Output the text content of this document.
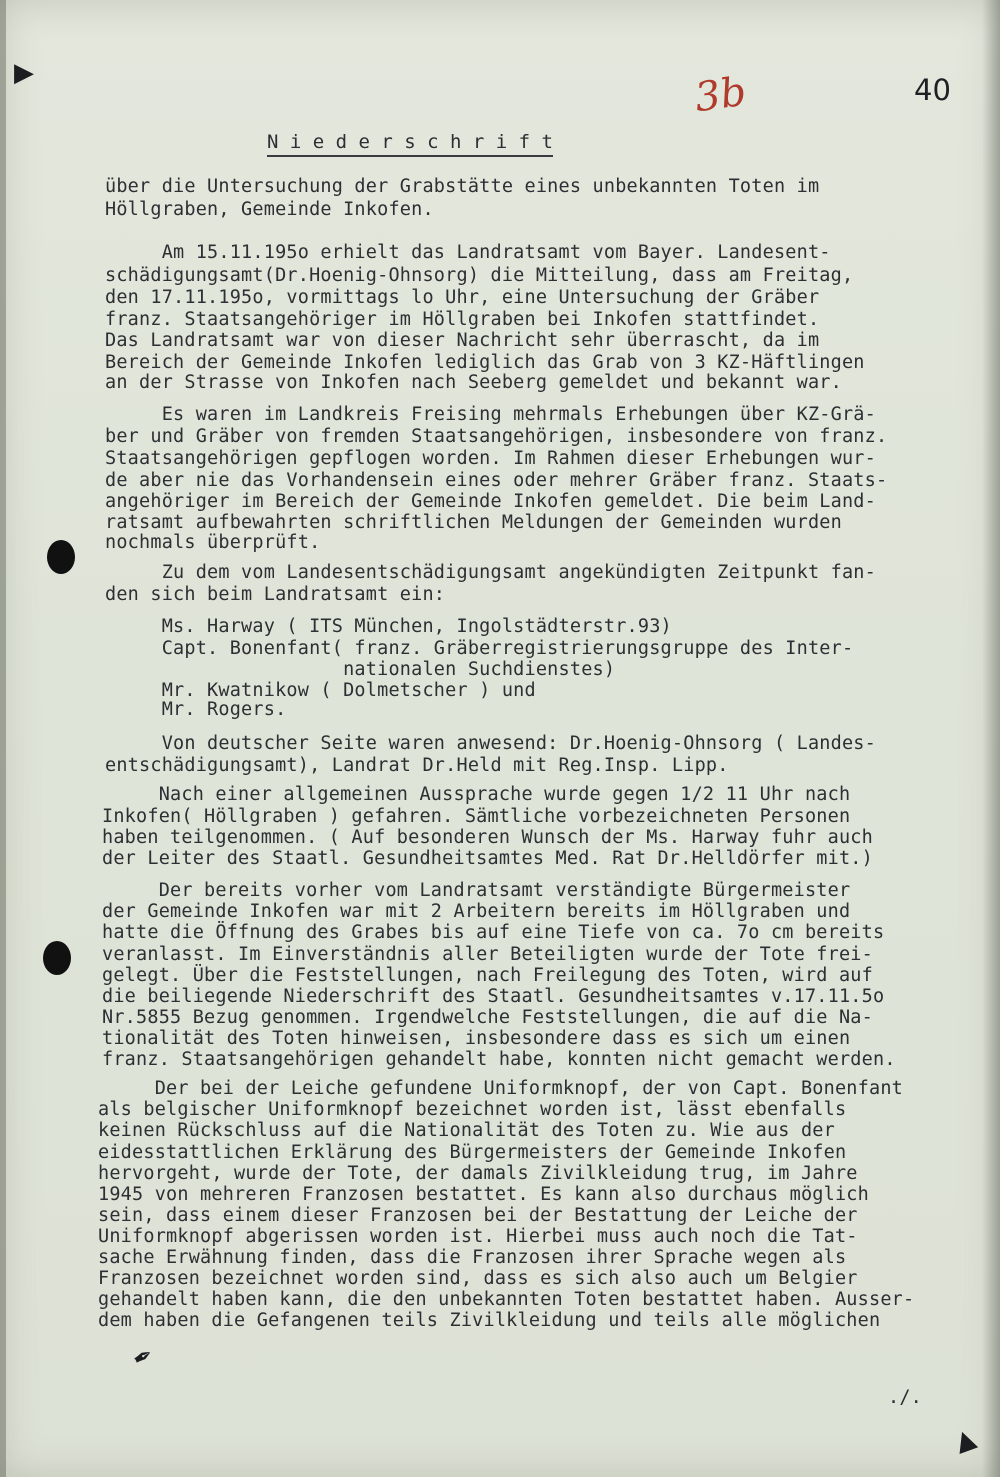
▶
✒
▲
3b	40
N i e d e r s c h r i f t

über die Untersuchung der Grabstätte eines unbekannten Toten im

Höllgraben, Gemeinde Inkofen.

Am 15.11.195o erhielt das Landratsamt vom Bayer. Landesent-

schädigungsamt(Dr.Hoenig-Ohnsorg) die Mitteilung, dass am Freitag,

den 17.11.195o, vormittags lo Uhr, eine Untersuchung der Gräber

franz. Staatsangehöriger im Höllgraben bei Inkofen stattfindet.

Das Landratsamt war von dieser Nachricht sehr überrascht, da im

Bereich der Gemeinde Inkofen lediglich das Grab von 3 KZ-Häftlingen

an der Strasse von Inkofen nach Seeberg gemeldet und bekannt war.

Es waren im Landkreis Freising mehrmals Erhebungen über KZ-Grä-

ber und Gräber von fremden Staatsangehörigen, insbesondere von franz.

Staatsangehörigen gepflogen worden. Im Rahmen dieser Erhebungen wur-

de aber nie das Vorhandensein eines oder mehrer Gräber franz. Staats-

angehöriger im Bereich der Gemeinde Inkofen gemeldet. Die beim Land-

ratsamt aufbewahrten schriftlichen Meldungen der Gemeinden wurden

nochmals überprüft.

Zu dem vom Landesentschädigungsamt angekündigten Zeitpunkt fan-

den sich beim Landratsamt ein:

Ms. Harway ( ITS München, Ingolstädterstr.93)

Capt. Bonenfant( franz. Gräberregistrierungsgruppe des Inter-

nationalen Suchdienstes)

Mr. Kwatnikow ( Dolmetscher ) und

Mr. Rogers.

Von deutscher Seite waren anwesend: Dr.Hoenig-Ohnsorg ( Landes-

entschädigungsamt), Landrat Dr.Held mit Reg.Insp. Lipp.

Nach einer allgemeinen Aussprache wurde gegen 1/2 11 Uhr nach

Inkofen( Höllgraben ) gefahren. Sämtliche vorbezeichneten Personen

haben teilgenommen. ( Auf besonderen Wunsch der Ms. Harway fuhr auch

der Leiter des Staatl. Gesundheitsamtes Med. Rat Dr.Helldörfer mit.)

Der bereits vorher vom Landratsamt verständigte Bürgermeister

der Gemeinde Inkofen war mit 2 Arbeitern bereits im Höllgraben und

hatte die Öffnung des Grabes bis auf eine Tiefe von ca. 7o cm bereits

veranlasst. Im Einverständnis aller Beteiligten wurde der Tote frei-

gelegt. Über die Feststellungen, nach Freilegung des Toten, wird auf

die beiliegende Niederschrift des Staatl. Gesundheitsamtes v.17.11.5o

Nr.5855 Bezug genommen. Irgendwelche Feststellungen, die auf die Na-

tionalität des Toten hinweisen, insbesondere dass es sich um einen

franz. Staatsangehörigen gehandelt habe, konnten nicht gemacht werden.

Der bei der Leiche gefundene Uniformknopf, der von Capt. Bonenfant

als belgischer Uniformknopf bezeichnet worden ist, lässt ebenfalls

keinen Rückschluss auf die Nationalität des Toten zu. Wie aus der

eidesstattlichen Erklärung des Bürgermeisters der Gemeinde Inkofen

hervorgeht, wurde der Tote, der damals Zivilkleidung trug, im Jahre

1945 von mehreren Franzosen bestattet. Es kann also durchaus möglich

sein, dass einem dieser Franzosen bei der Bestattung der Leiche der

Uniformknopf abgerissen worden ist. Hierbei muss auch noch die Tat-

sache Erwähnung finden, dass die Franzosen ihrer Sprache wegen als

Franzosen bezeichnet worden sind, dass es sich also auch um Belgier

gehandelt haben kann, die den unbekannten Toten bestattet haben. Ausser-

dem haben die Gefangenen teils Zivilkleidung und teils alle möglichen

./.
